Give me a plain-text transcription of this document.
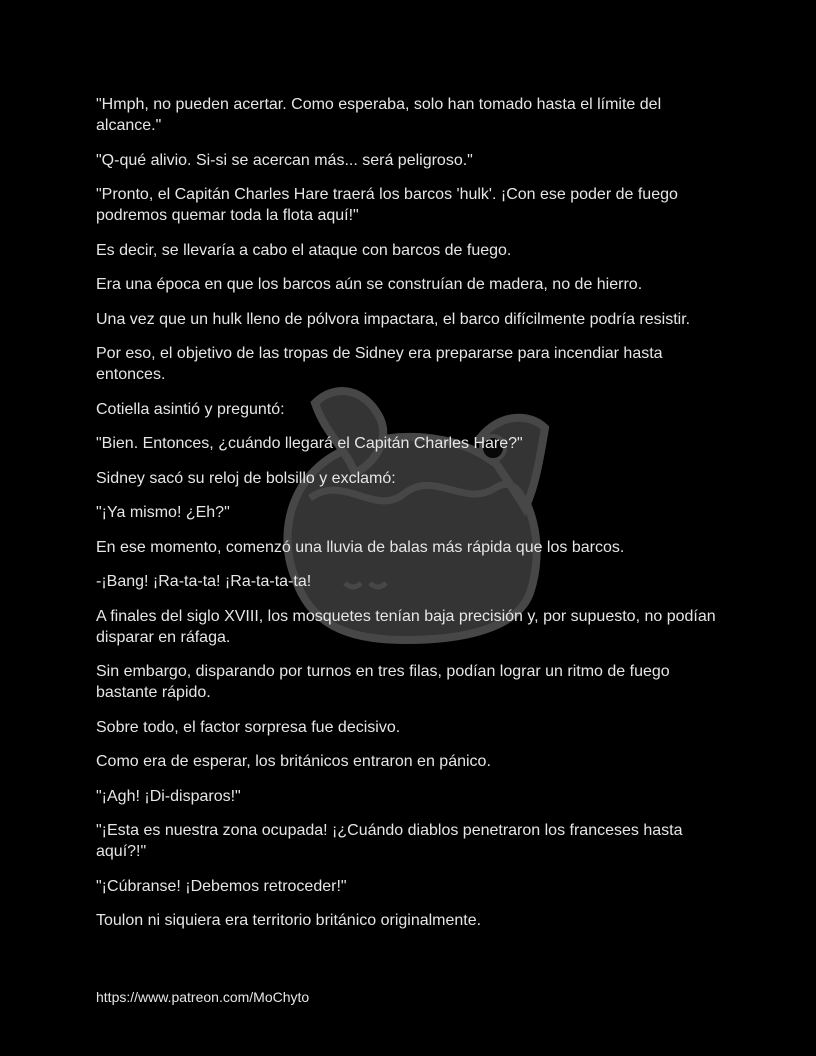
"Hmph, no pueden acertar. Como esperaba, solo han tomado hasta el límite del alcance."

"Q-qué alivio. Si-si se acercan más... será peligroso."

"Pronto, el Capitán Charles Hare traerá los barcos 'hulk'. ¡Con ese poder de fuego podremos quemar toda la flota aquí!"

Es decir, se llevaría a cabo el ataque con barcos de fuego.

Era una época en que los barcos aún se construían de madera, no de hierro.

Una vez que un hulk lleno de pólvora impactara, el barco difícilmente podría resistir.

Por eso, el objetivo de las tropas de Sidney era prepararse para incendiar hasta entonces.

Cotiella asintió y preguntó:

"Bien. Entonces, ¿cuándo llegará el Capitán Charles Hare?"

Sidney sacó su reloj de bolsillo y exclamó:

"¡Ya mismo! ¿Eh?"

En ese momento, comenzó una lluvia de balas más rápida que los barcos.

-¡Bang! ¡Ra-ta-ta! ¡Ra-ta-ta-ta!

A finales del siglo XVIII, los mosquetes tenían baja precisión y, por supuesto, no podían disparar en ráfaga.

Sin embargo, disparando por turnos en tres filas, podían lograr un ritmo de fuego bastante rápido.

Sobre todo, el factor sorpresa fue decisivo.

Como era de esperar, los británicos entraron en pánico.

"¡Agh! ¡Di-disparos!"

"¡Esta es nuestra zona ocupada! ¡¿Cuándo diablos penetraron los franceses hasta aquí?!"

"¡Cúbranse! ¡Debemos retroceder!"

Toulon ni siquiera era territorio británico originalmente.

https://www.patreon.com/MoChyto
